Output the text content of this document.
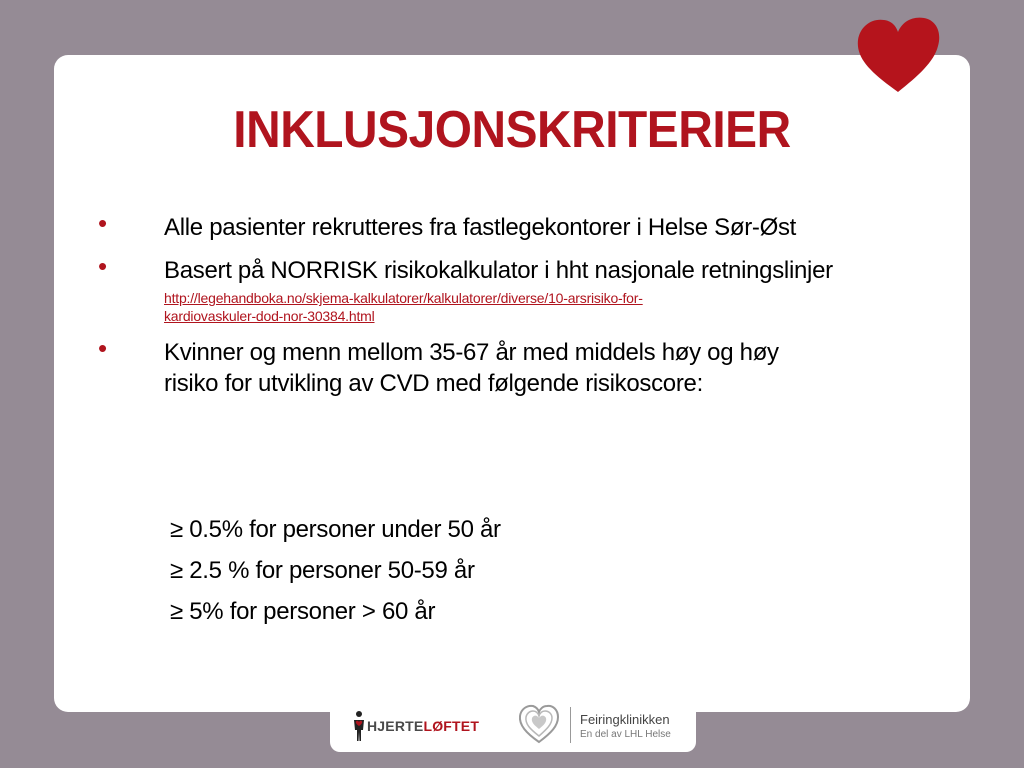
INKLUSJONSKRITERIER
• Alle pasienter rekrutteres fra fastlegekontorer i Helse Sør-Øst
• Basert på NORRISK risikokalkulator i hht nasjonale retningslinjer
http://legehandboka.no/skjema-kalkulatorer/kalkulatorer/diverse/10-arsrisiko-for-
kardiovaskuler-dod-nor-30384.html
• Kvinner og menn mellom 35-67 år med middels høy og høy risiko for utvikling av CVD med følgende risikoscore:
≥ 0.5% for personer under 50 år
≥ 2.5 % for personer 50-59 år
≥ 5% for personer > 60 år
HJERTELØFTET	Feiringklinikken
En del av LHL Helse
